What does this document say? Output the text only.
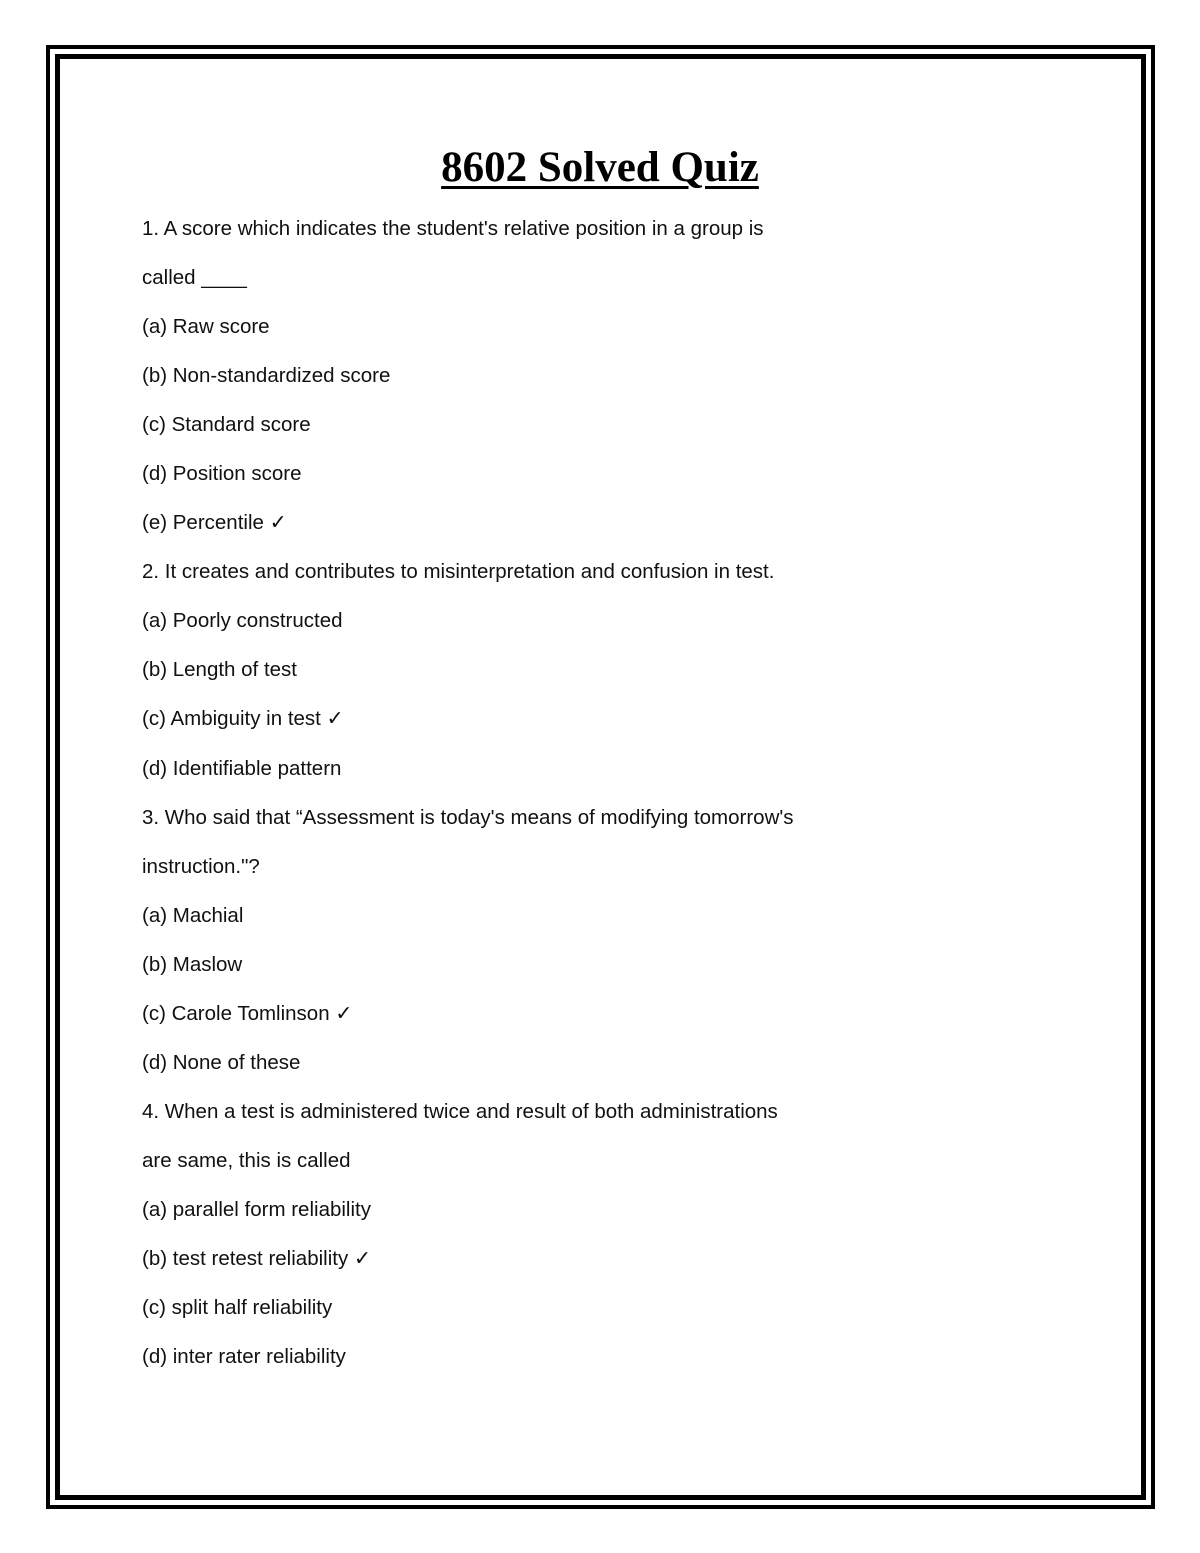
8602 Solved Quiz
1. A score which indicates the student's relative position in a group is
called ____
(a) Raw score
(b) Non-standardized score
(c) Standard score
(d) Position score
(e) Percentile ✓
2. It creates and contributes to misinterpretation and confusion in test.
(a) Poorly constructed
(b) Length of test
(c) Ambiguity in test ✓
(d) Identifiable pattern
3. Who said that “Assessment is today's means of modifying tomorrow's
instruction."?
(a) Machial
(b) Maslow
(c) Carole Tomlinson ✓
(d) None of these
4. When a test is administered twice and result of both administrations
are same, this is called
(a) parallel form reliability
(b) test retest reliability ✓
(c) split half reliability
(d) inter rater reliability
